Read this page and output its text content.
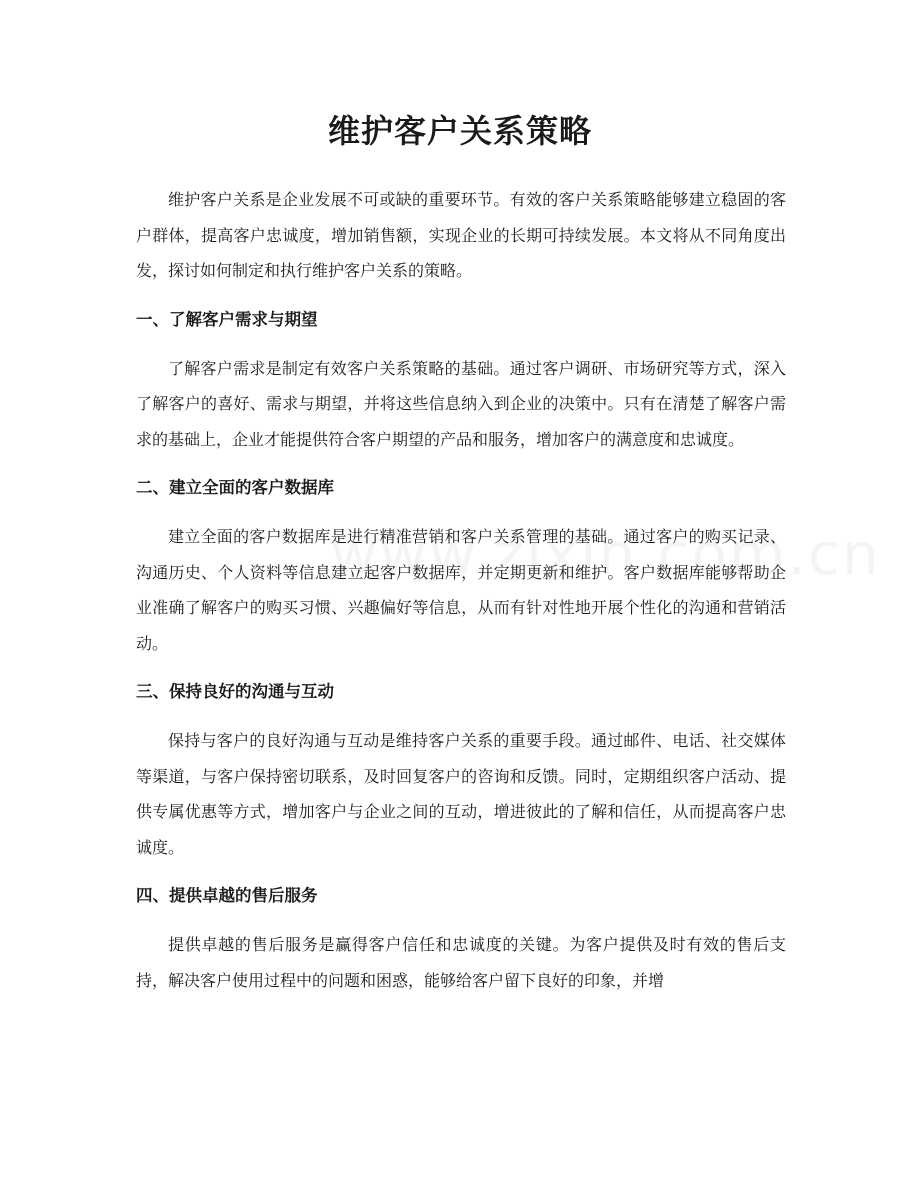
维护客户关系策略

维护客户关系是企业发展不可或缺的重要环节。有效的客户关系策略能够建立稳固的客户群体，提高客户忠诚度，增加销售额，实现企业的长期可持续发展。本文将从不同角度出发，探讨如何制定和执行维护客户关系的策略。

一、了解客户需求与期望

了解客户需求是制定有效客户关系策略的基础。通过客户调研、市场研究等方式，深入了解客户的喜好、需求与期望，并将这些信息纳入到企业的决策中。只有在清楚了解客户需求的基础上，企业才能提供符合客户期望的产品和服务，增加客户的满意度和忠诚度。

二、建立全面的客户数据库

建立全面的客户数据库是进行精准营销和客户关系管理的基础。通过客户的购买记录、沟通历史、个人资料等信息建立起客户数据库，并定期更新和维护。客户数据库能够帮助企业准确了解客户的购买习惯、兴趣偏好等信息，从而有针对性地开展个性化的沟通和营销活动。

三、保持良好的沟通与互动

保持与客户的良好沟通与互动是维持客户关系的重要手段。通过邮件、电话、社交媒体等渠道，与客户保持密切联系，及时回复客户的咨询和反馈。同时，定期组织客户活动、提供专属优惠等方式，增加客户与企业之间的互动，增进彼此的了解和信任，从而提高客户忠诚度。

四、提供卓越的售后服务

提供卓越的售后服务是赢得客户信任和忠诚度的关键。为客户提供及时有效的售后支持，解决客户使用过程中的问题和困惑，能够给客户留下良好的印象，并增
